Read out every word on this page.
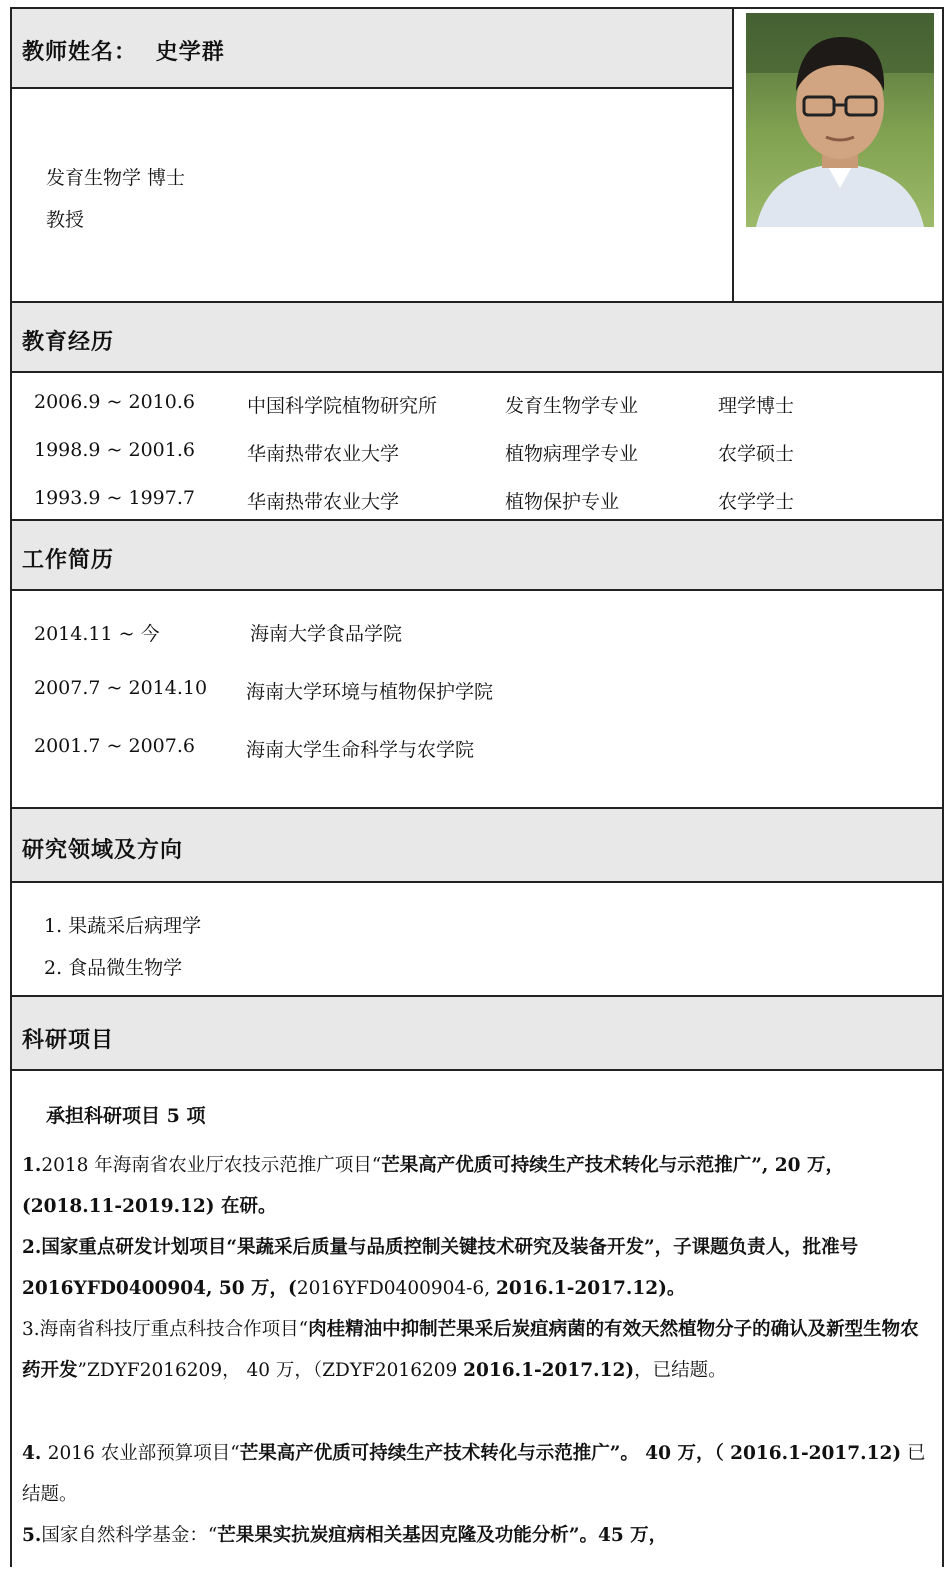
教师姓名： 史学群
发育生物学 博士
教授
教育经历
2006.9 ~ 2010.6	中国科学院植物研究所	发育生物学专业	理学博士
1998.9 ~ 2001.6	华南热带农业大学	植物病理学专业	农学硕士
1993.9 ~ 1997.7	华南热带农业大学	植物保护专业	农学学士
工作简历
2014.11 ~ 今	海南大学食品学院
2007.7 ~ 2014.10 海南大学环境与植物保护学院
2001.7 ~ 2007.6	海南大学生命科学与农学院
研究领域及方向
1. 果蔬采后病理学
2. 食品微生物学
科研项目
承担科研项目 5 项
1.2018 年海南省农业厅农技示范推广项目“芒果高产优质可持续生产技术转化与示范推广”, 20 万，(2018.11-2019.12) 在研。
2.国家重点研发计划项目“果蔬采后质量与品质控制关键技术研究及装备开发”，子课题负责人，批准号 2016YFD0400904, 50 万，(2016YFD0400904-6, 2016.1-2017.12)。
3.海南省科技厅重点科技合作项目“肉桂精油中抑制芒果采后炭疽病菌的有效天然植物分子的确认及新型生物农药开发”ZDYF2016209， 40 万，（ZDYF2016209 2016.1-2017.12)，已结题。
4. 2016 农业部预算项目“芒果高产优质可持续生产技术转化与示范推广”。 40 万，（ 2016.1-2017.12) 已结题。
5.国家自然科学基金：“芒果果实抗炭疽病相关基因克隆及功能分析”。45 万，
